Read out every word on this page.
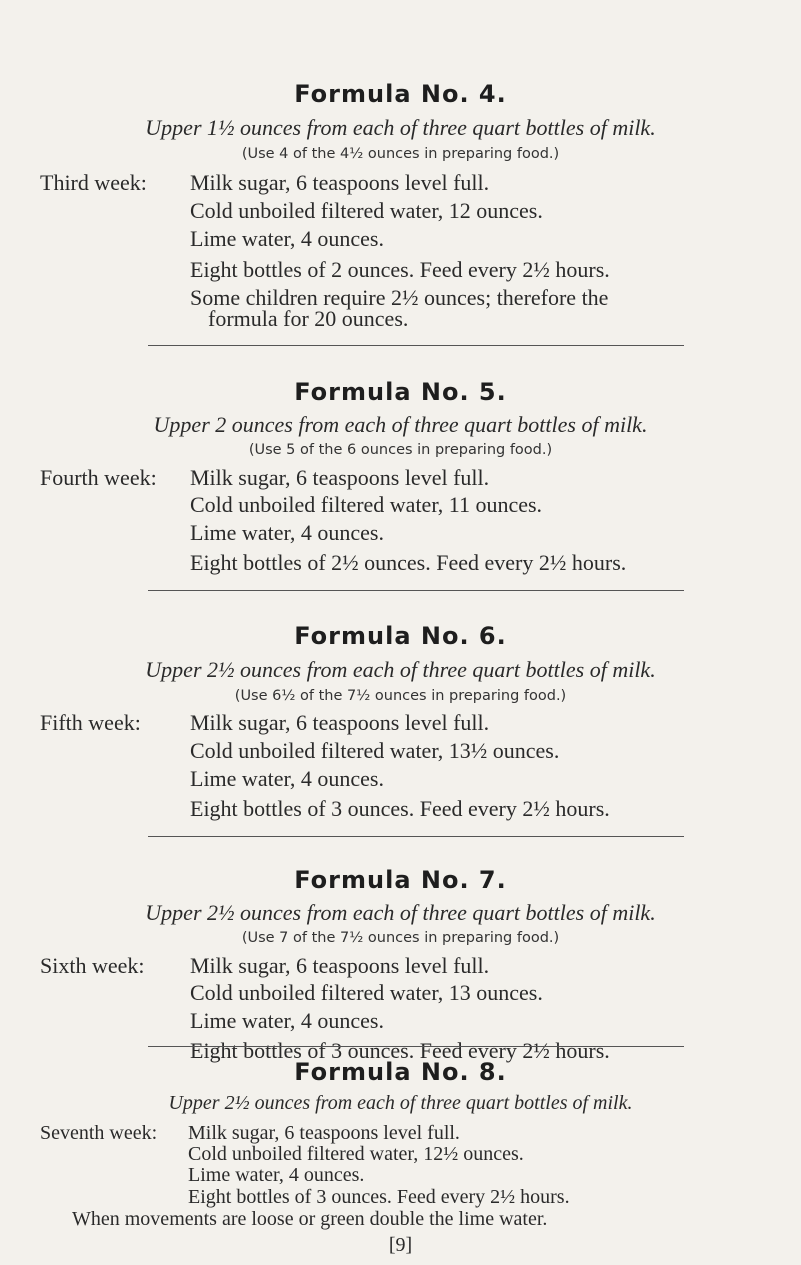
Formula No. 4.
Upper 1½ ounces from each of three quart bottles of milk.
(Use 4 of the 4½ ounces in preparing food.)
Third week: Milk sugar, 6 teaspoons level full.
Cold unboiled filtered water, 12 ounces.
Lime water, 4 ounces.
Eight bottles of 2 ounces. Feed every 2½ hours.
Some children require 2½ ounces; therefore the
formula for 20 ounces.
Formula No. 5.
Upper 2 ounces from each of three quart bottles of milk.
(Use 5 of the 6 ounces in preparing food.)
Fourth week: Milk sugar, 6 teaspoons level full.
Cold unboiled filtered water, 11 ounces.
Lime water, 4 ounces.
Eight bottles of 2½ ounces. Feed every 2½ hours.
Formula No. 6.
Upper 2½ ounces from each of three quart bottles of milk.
(Use 6½ of the 7½ ounces in preparing food.)
Fifth week: Milk sugar, 6 teaspoons level full.
Cold unboiled filtered water, 13½ ounces.
Lime water, 4 ounces.
Eight bottles of 3 ounces. Feed every 2½ hours.
Formula No. 7.
Upper 2½ ounces from each of three quart bottles of milk.
(Use 7 of the 7½ ounces in preparing food.)
Sixth week: Milk sugar, 6 teaspoons level full.
Cold unboiled filtered water, 13 ounces.
Lime water, 4 ounces.
Eight bottles of 3 ounces. Feed every 2½ hours.
Formula No. 8.
Upper 2½ ounces from each of three quart bottles of milk.
Seventh week: Milk sugar, 6 teaspoons level full.
Cold unboiled filtered water, 12½ ounces.
Lime water, 4 ounces.
Eight bottles of 3 ounces. Feed every 2½ hours.
When movements are loose or green double the lime water.
[9]
